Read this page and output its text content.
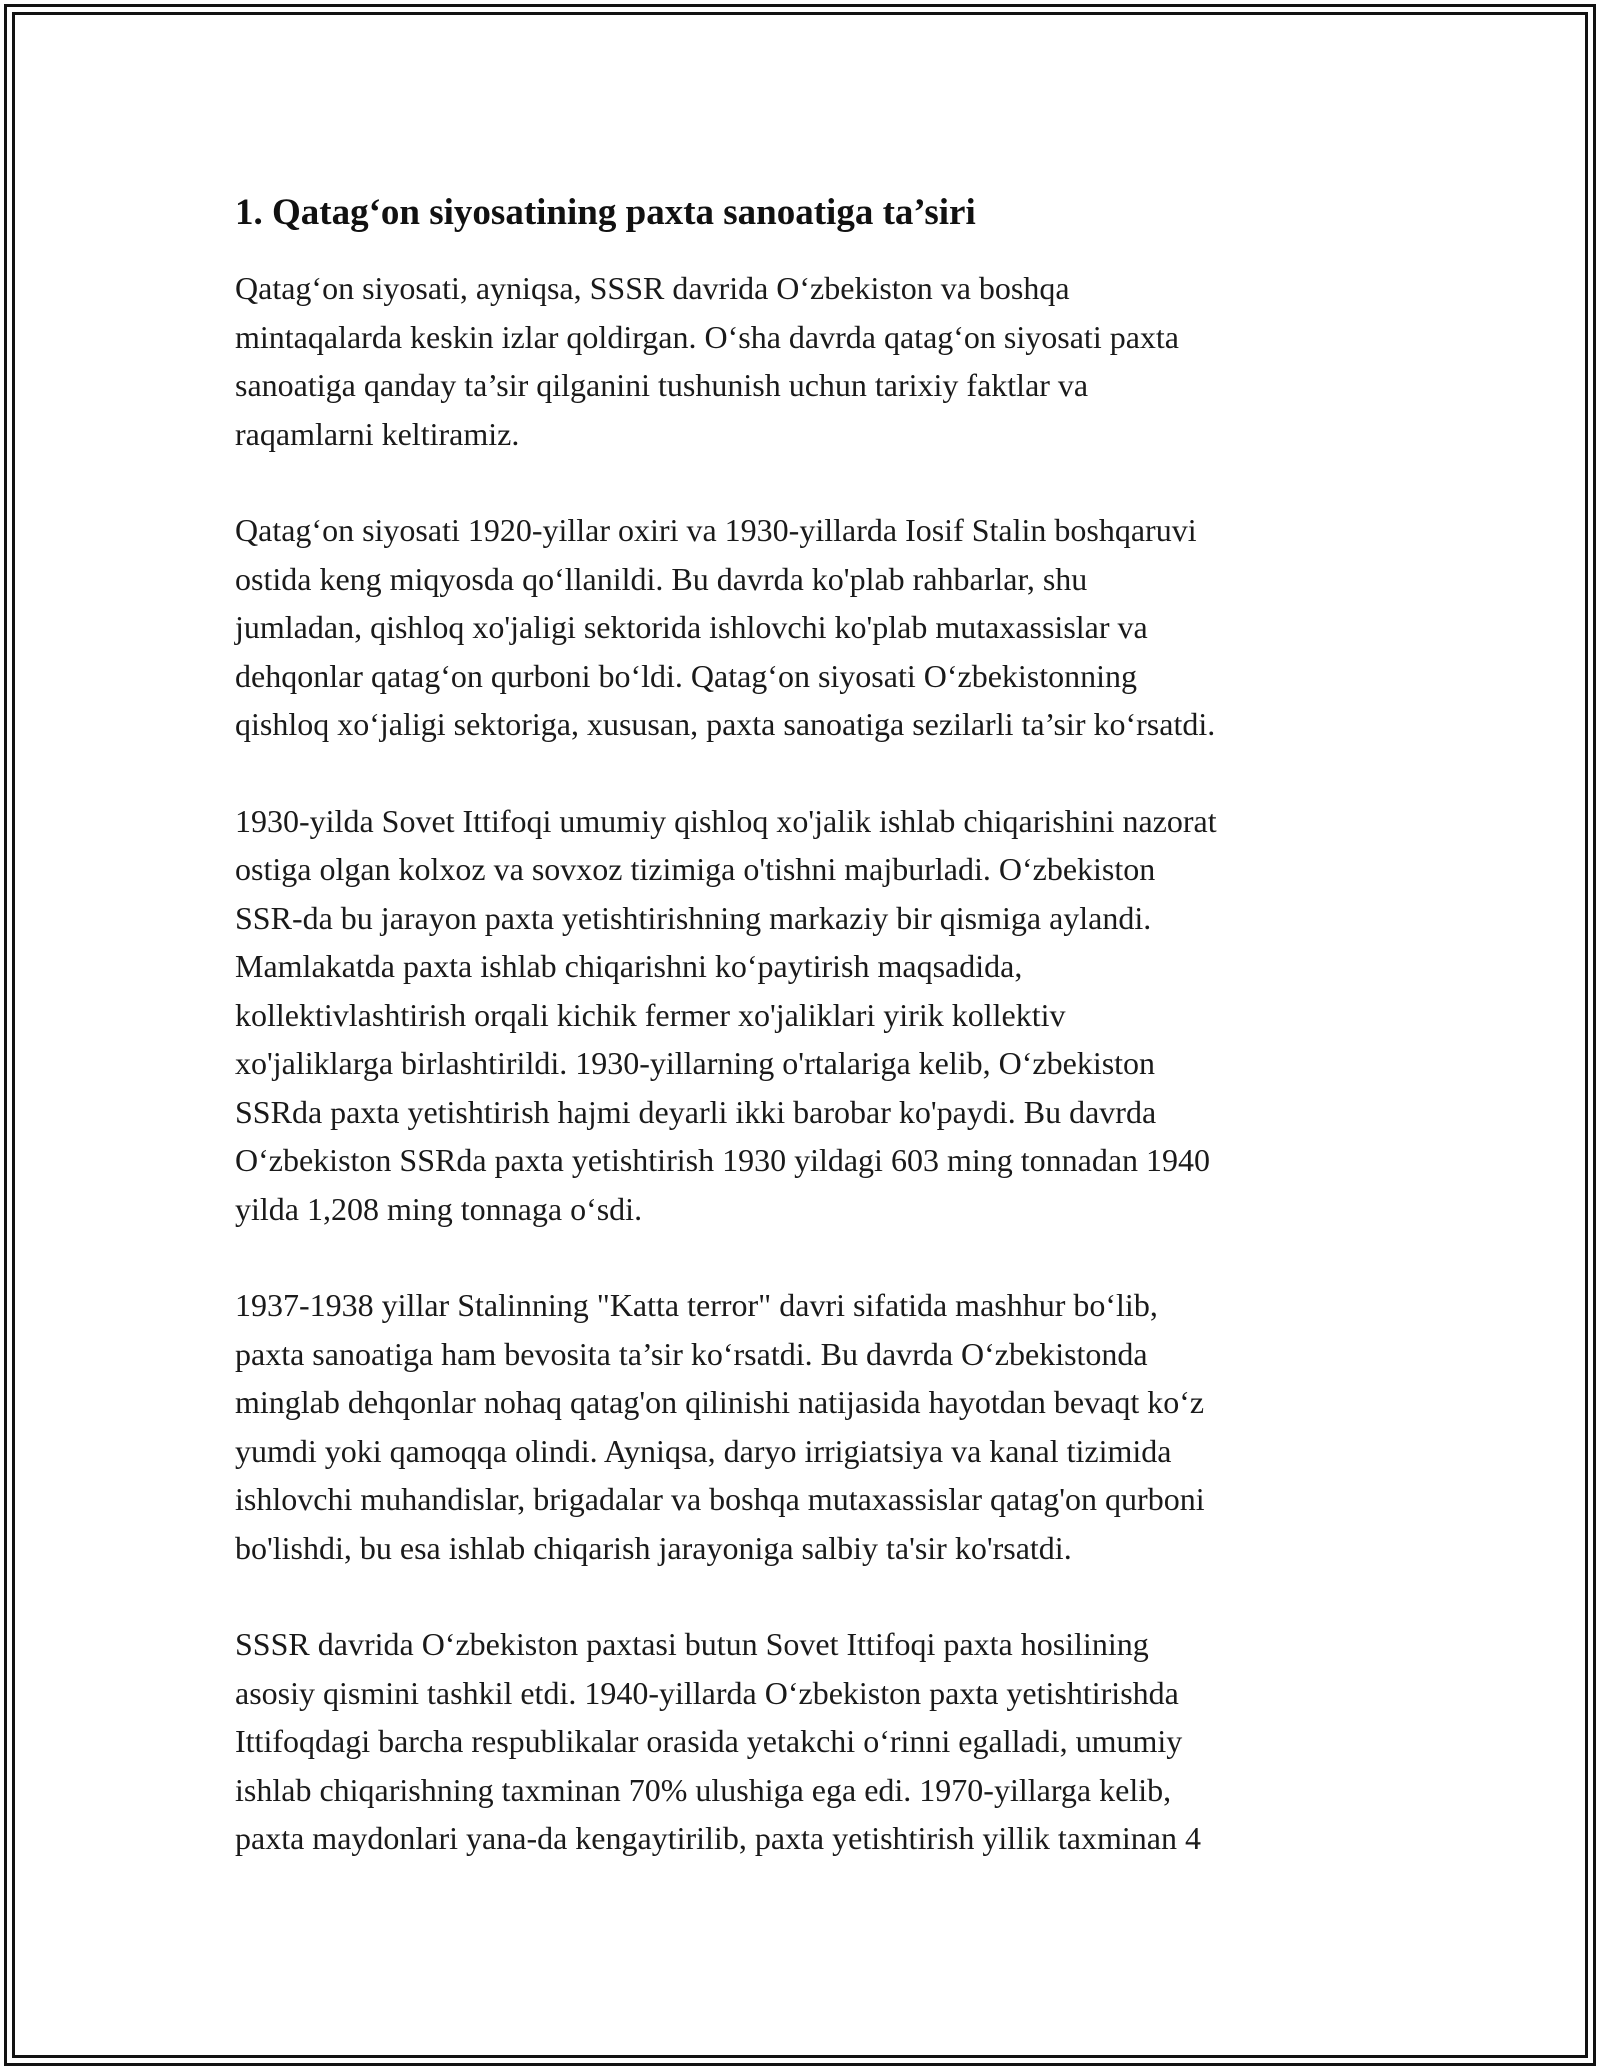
1. Qatag‘on siyosatining paxta sanoatiga ta’siri

Qatag‘on siyosati, ayniqsa, SSSR davrida O‘zbekiston va boshqa
mintaqalarda keskin izlar qoldirgan. O‘sha davrda qatag‘on siyosati paxta
sanoatiga qanday ta’sir qilganini tushunish uchun tarixiy faktlar va
raqamlarni keltiramiz.

Qatag‘on siyosati 1920-yillar oxiri va 1930-yillarda Iosif Stalin boshqaruvi
ostida keng miqyosda qo‘llanildi. Bu davrda ko'plab rahbarlar, shu
jumladan, qishloq xo'jaligi sektorida ishlovchi ko'plab mutaxassislar va
dehqonlar qatag‘on qurboni bo‘ldi. Qatag‘on siyosati O‘zbekistonning
qishloq xo‘jaligi sektoriga, xususan, paxta sanoatiga sezilarli ta’sir ko‘rsatdi.

1930-yilda Sovet Ittifoqi umumiy qishloq xo'jalik ishlab chiqarishini nazorat
ostiga olgan kolxoz va sovxoz tizimiga o'tishni majburladi. O‘zbekiston
SSR-da bu jarayon paxta yetishtirishning markaziy bir qismiga aylandi.
Mamlakatda paxta ishlab chiqarishni ko‘paytirish maqsadida,
kollektivlashtirish orqali kichik fermer xo'jaliklari yirik kollektiv
xo'jaliklarga birlashtirildi. 1930-yillarning o'rtalariga kelib, O‘zbekiston
SSRda paxta yetishtirish hajmi deyarli ikki barobar ko'paydi. Bu davrda
O‘zbekiston SSRda paxta yetishtirish 1930 yildagi 603 ming tonnadan 1940
yilda 1,208 ming tonnaga o‘sdi.

1937-1938 yillar Stalinning "Katta terror" davri sifatida mashhur bo‘lib,
paxta sanoatiga ham bevosita ta’sir ko‘rsatdi. Bu davrda O‘zbekistonda
minglab dehqonlar nohaq qatag'on qilinishi natijasida hayotdan bevaqt ko‘z
yumdi yoki qamoqqa olindi. Ayniqsa, daryo irrigiatsiya va kanal tizimida
ishlovchi muhandislar, brigadalar va boshqa mutaxassislar qatag'on qurboni
bo'lishdi, bu esa ishlab chiqarish jarayoniga salbiy ta'sir ko'rsatdi.

SSSR davrida O‘zbekiston paxtasi butun Sovet Ittifoqi paxta hosilining
asosiy qismini tashkil etdi. 1940-yillarda O‘zbekiston paxta yetishtirishda
Ittifoqdagi barcha respublikalar orasida yetakchi o‘rinni egalladi, umumiy
ishlab chiqarishning taxminan 70% ulushiga ega edi. 1970-yillarga kelib,
paxta maydonlari yana-da kengaytirilib, paxta yetishtirish yillik taxminan 4
